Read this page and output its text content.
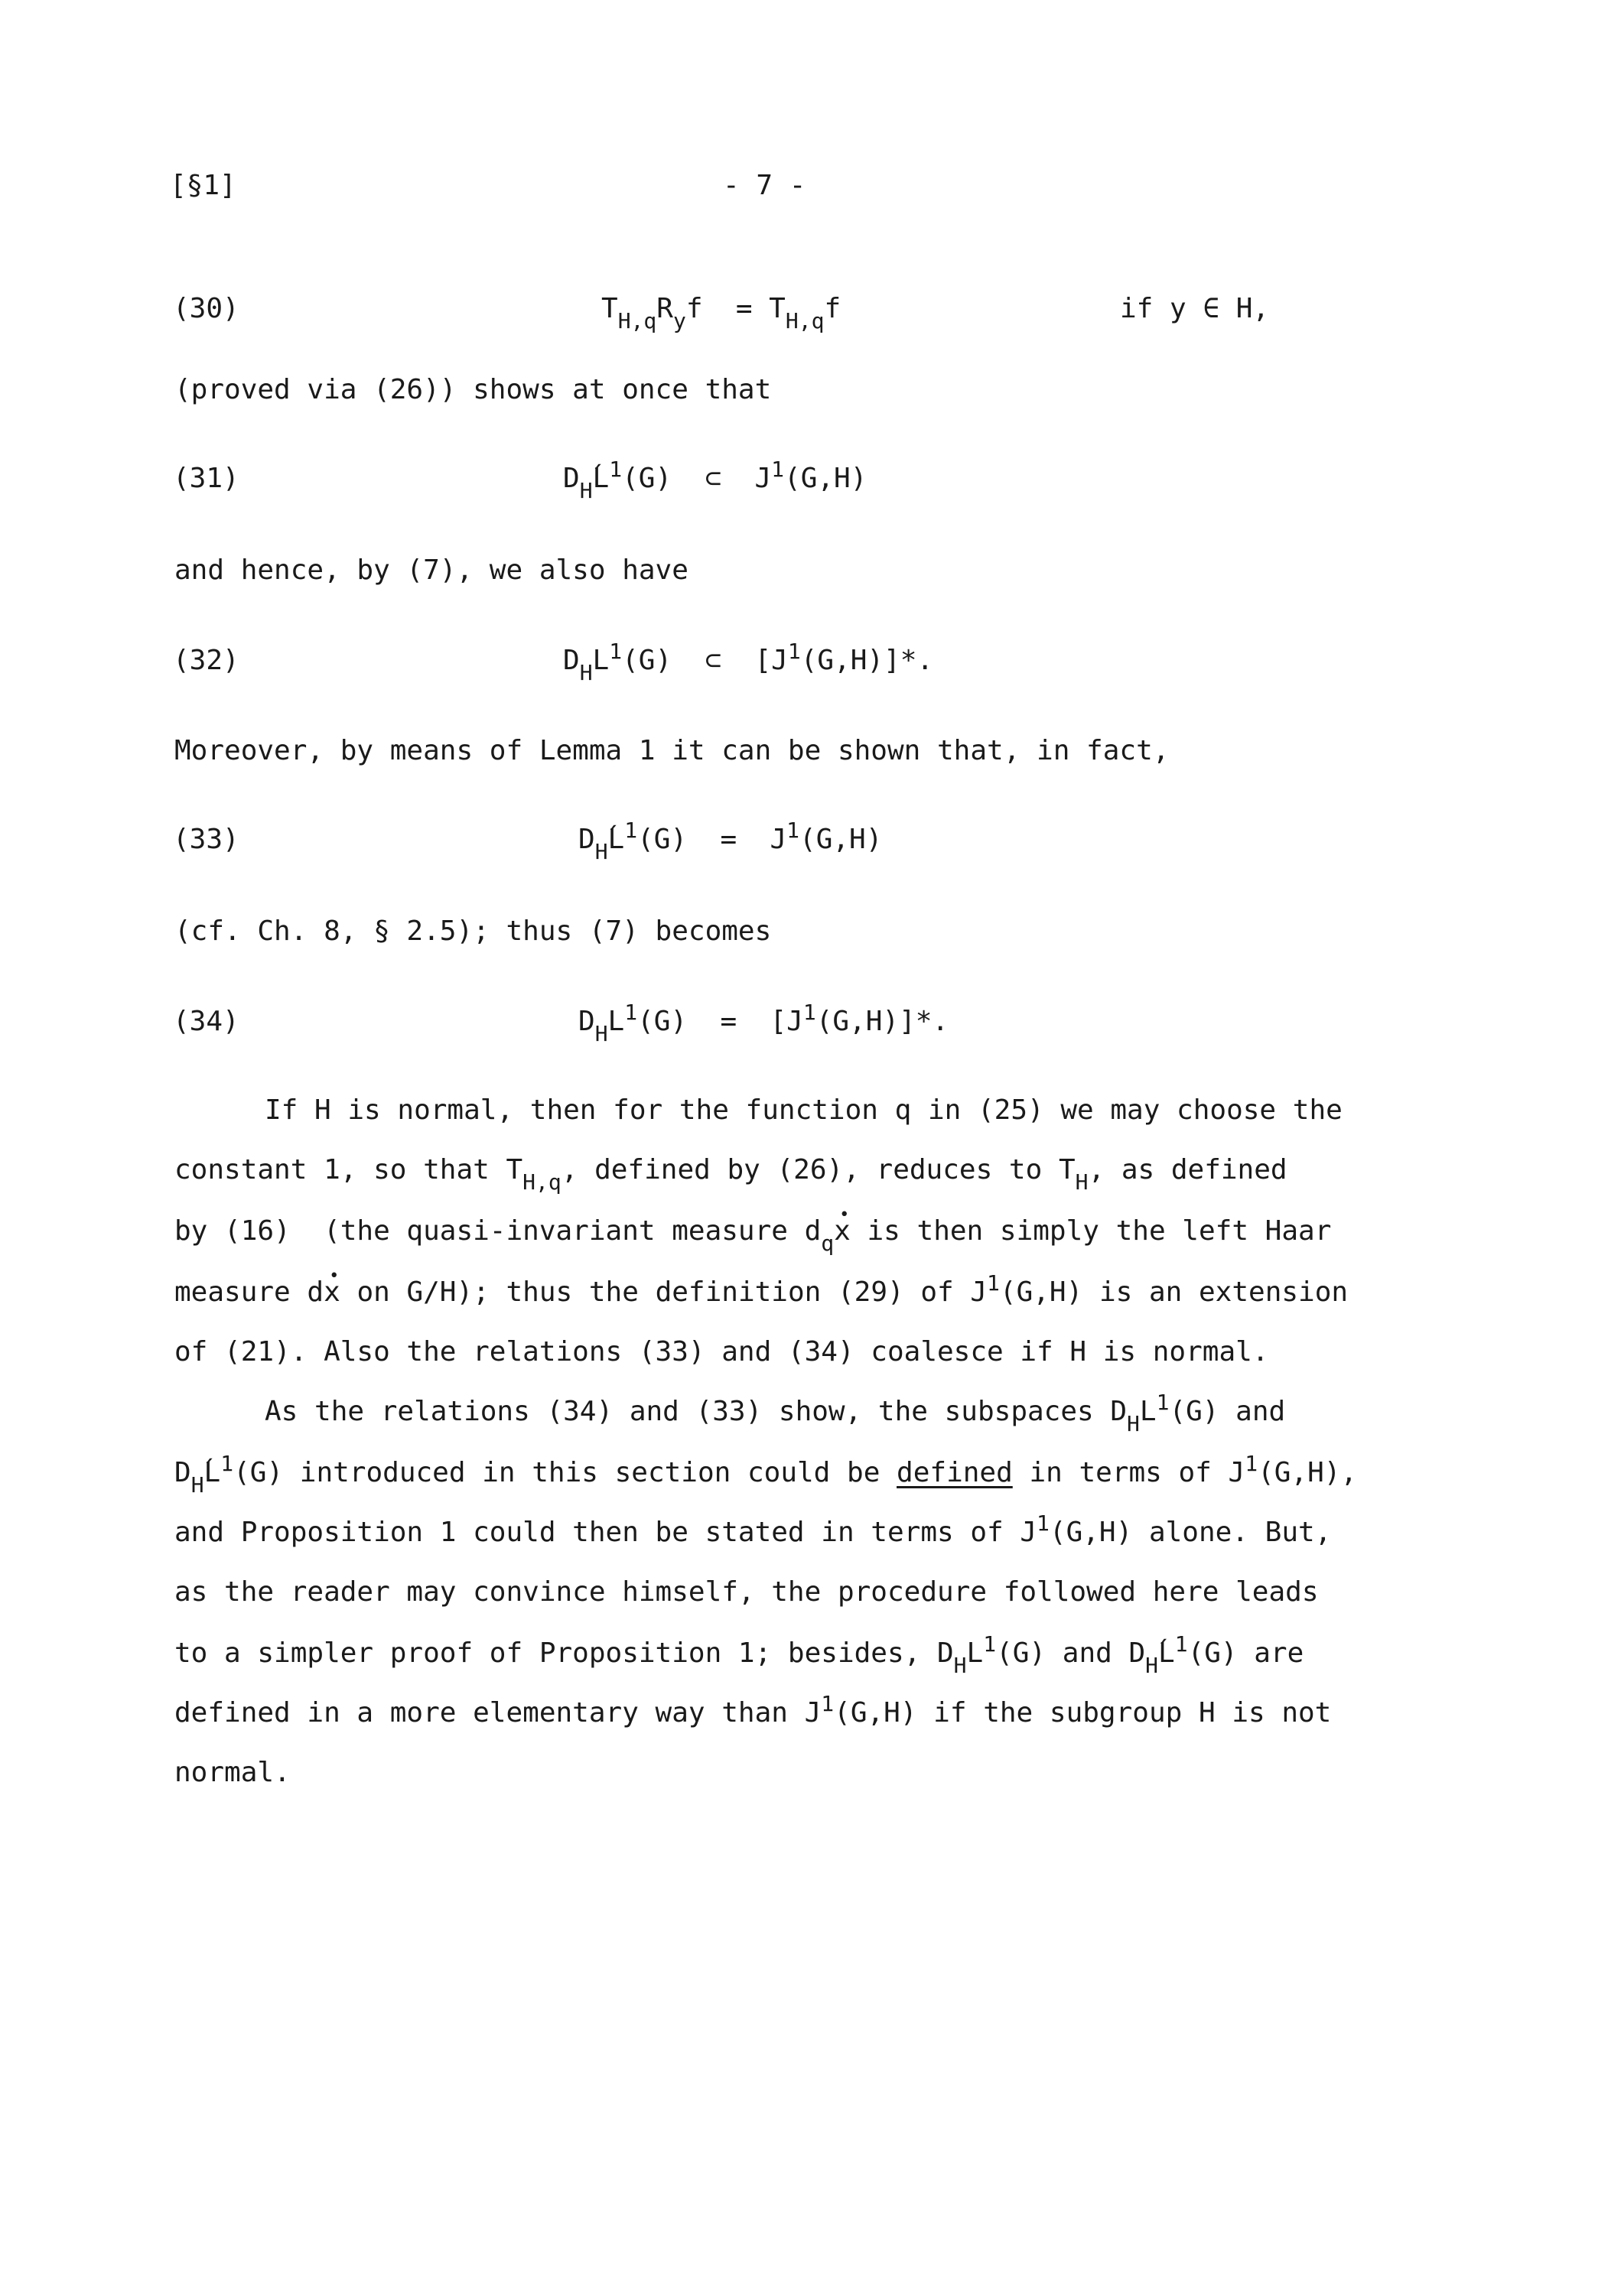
[§1]	- 7 -
(30)	$T_{H,q}R_yf = T_{H,q}f$	if y ∈ H,
(proved via (26)) shows at once that
(31)	$D_H$ $´L^1(G)$  ⊂  $J^1(G,H)$
and hence, by (7), we also have
(32)	$D_HL^1(G)$  ⊂  $[J^1(G,H)]*$.
Moreover, by means of Lemma 1 it can be shown that, in fact,
(33)	$D_H$ $´L^1(G) = J^1(G,H)$
(cf. Ch. 8, § 2.5); thus (7) becomes
(34)	$D_HL^1(G) = [J^1(G,H)]*$.
If H is normal, then for the function q in (25) we may choose the
constant 1, so that $T_{H,q}$, defined by (26), reduces to $T_H$, as defined
by (16)  (the quasi-invariant measure $d_q•$ x is then simply the left Haar
measure d• x on G/H); thus the definition (29) of $J^1(G,H)$ is an extension
of (21). Also the relations (33) and (34) coalesce if H is normal.
As the relations (34) and (33) show, the subspaces $D_HL^1(G)$ and
$D_H$ $´L^1(G)$ introduced in this section could be defined in terms of $J^1(G,H)$,
and Proposition 1 could then be stated in terms of $J^1(G,H)$ alone. But,
as the reader may convince himself, the procedure followed here leads
to a simpler proof of Proposition 1; besides, $D_HL^1(G)$ and $D_H$ $´L^1(G)$ are
defined in a more elementary way than $J^1(G,H)$ if the subgroup H is not
normal.
